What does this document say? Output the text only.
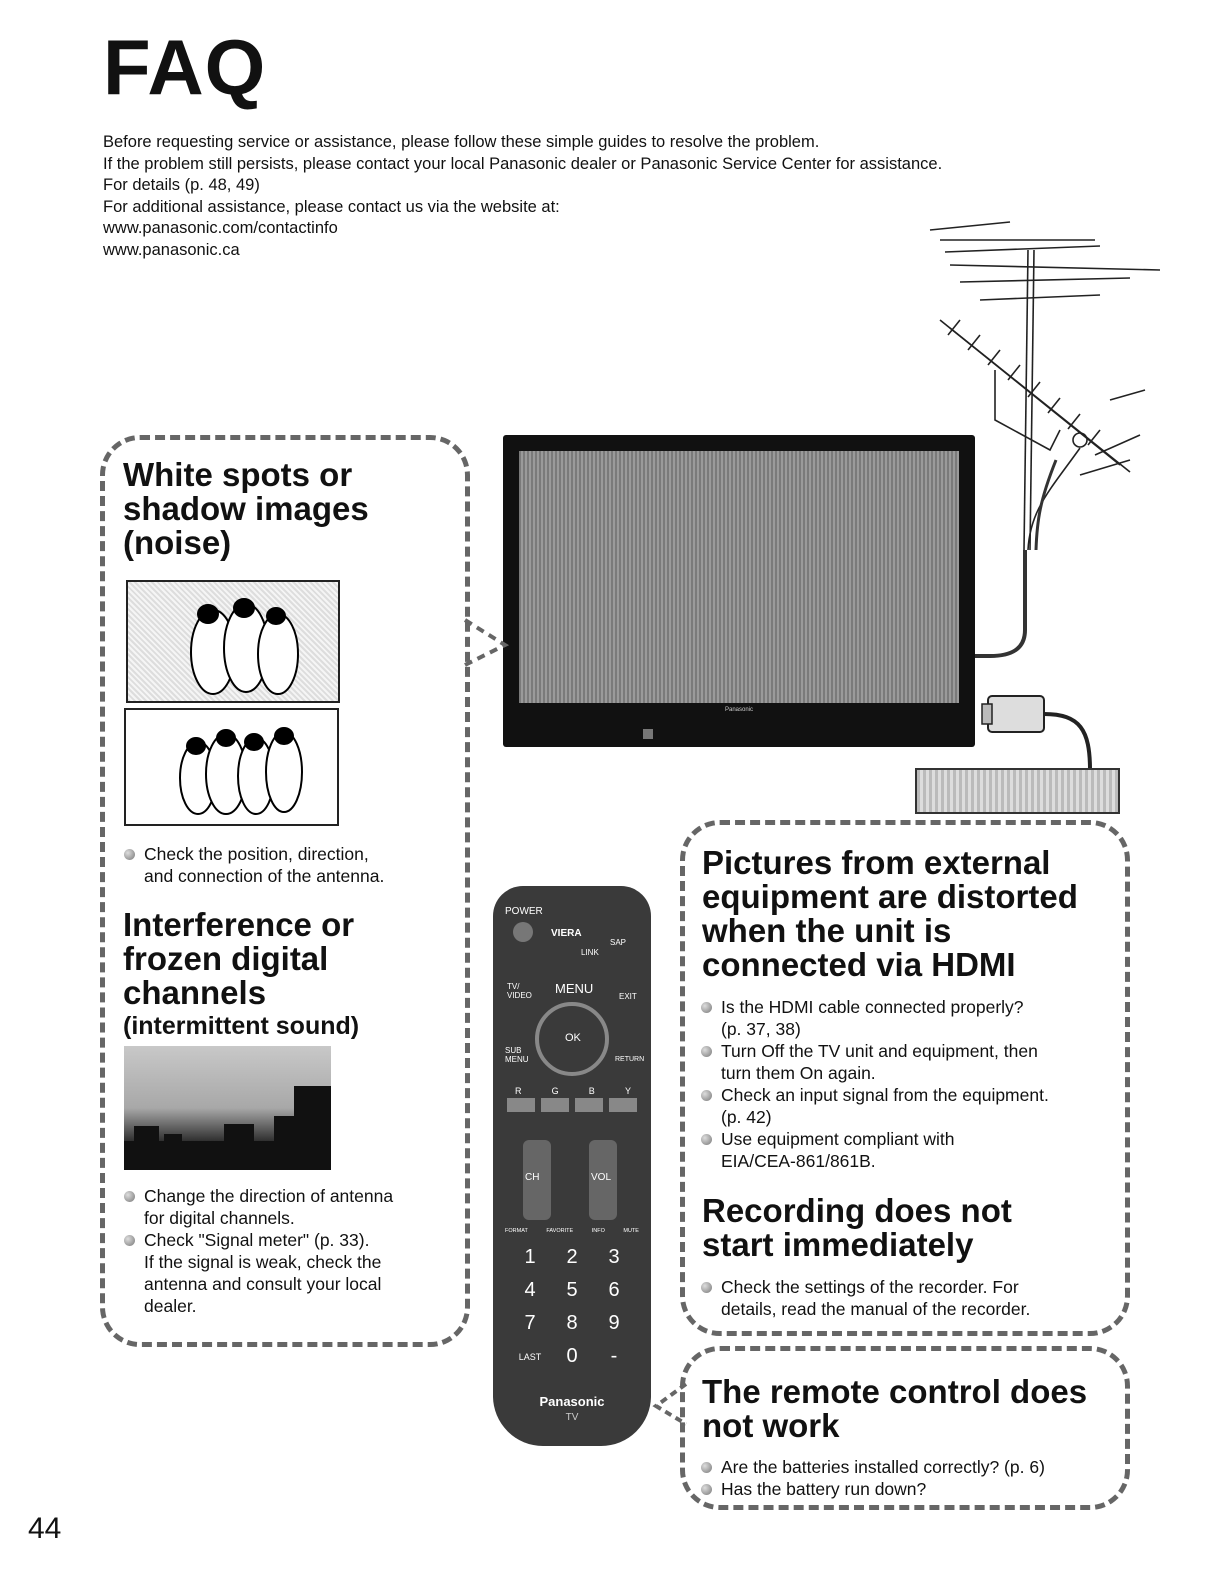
FAQ
Before requesting service or assistance, please follow these simple guides to resolve the problem.
If the problem still persists, please contact your local Panasonic dealer or Panasonic Service Center for assistance.
For details (p. 48, 49)
For additional assistance, please contact us via the website at:
www.panasonic.com/contactinfo
www.panasonic.ca
Panasonic
White spots or
shadow images
(noise)
Check the position, direction,
and connection of the antenna.
Interference or
frozen digital
channels
(intermittent sound)
Change the direction of antenna
for digital channels.
Check "Signal meter" (p. 33).
If the signal is weak, check the
antenna and consult your local
dealer.
POWER
VIERA
SAP
LINK
TV/ VIDEO MENU
EXIT
OK
SUB MENU	RETURN
R	G	B	Y
CH	VOL
FORMAT	FAVORITE	INFO	MUTE
1	2	3
4	5	6
7	8	9
LAST	0	-
Panasonic
TV
Pictures from external
equipment are distorted
when the unit is
connected via HDMI
Is the HDMI cable connected properly?
(p. 37, 38)
Turn Off the TV unit and equipment, then
turn them On again.
Check an input signal from the equipment.
(p. 42)
Use equipment compliant with
EIA/CEA-861/861B.
Recording does not
start immediately
Check the settings of the recorder. For
details, read the manual of the recorder.
The remote control does
not work
Are the batteries installed correctly? (p. 6)
Has the battery run down?
44
